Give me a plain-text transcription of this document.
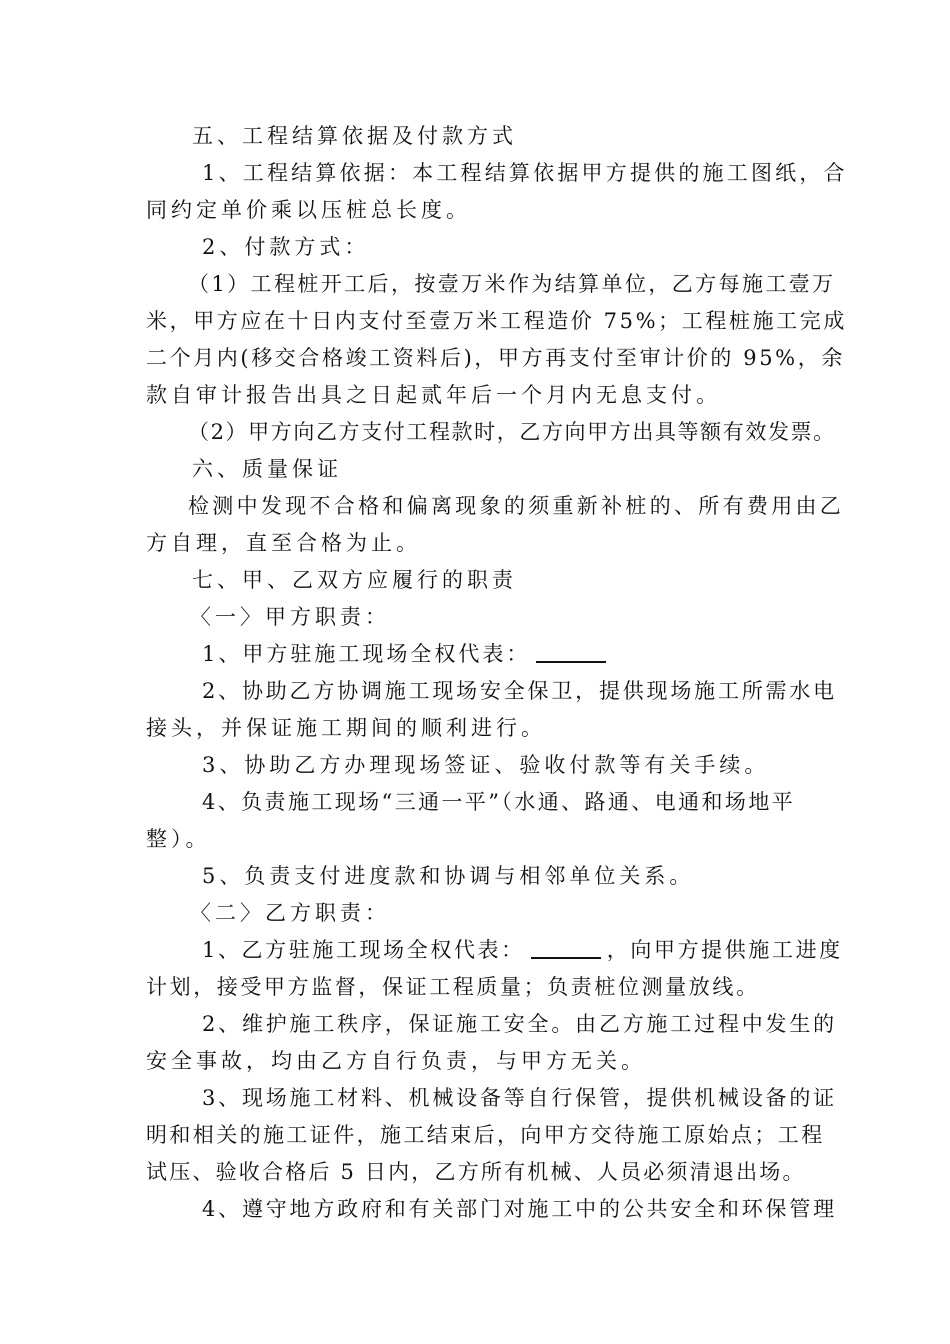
五、工程结算依据及付款方式
1、工程结算依据：本工程结算依据甲方提供的施工图纸，合
同约定单价乘以压桩总长度。
2、付款方式：
（1）工程桩开工后，按壹万米作为结算单位，乙方每施工壹万
米，甲方应在十日内支付至壹万米工程造价 75%；工程桩施工完成
二个月内(移交合格竣工资料后)，甲方再支付至审计价的 95%，余
款自审计报告出具之日起贰年后一个月内无息支付。
（2）甲方向乙方支付工程款时，乙方向甲方出具等额有效发票。
六、质量保证
检测中发现不合格和偏离现象的须重新补桩的、所有费用由乙
方自理，直至合格为止。
七、甲、乙双方应履行的职责
〈一〉甲方职责：
1、甲方驻施工现场全权代表：
2、协助乙方协调施工现场安全保卫，提供现场施工所需水电
接头，并保证施工期间的顺利进行。
3、协助乙方办理现场签证、验收付款等有关手续。
4、负责施工现场“三通一平”（水通、路通、电通和场地平
整）。
5、负责支付进度款和协调与相邻单位关系。
〈二〉乙方职责：
1、乙方驻施工现场全权代表：	，向甲方提供施工进度
计划，接受甲方监督，保证工程质量；负责桩位测量放线。
2、维护施工秩序，保证施工安全。由乙方施工过程中发生的
安全事故，均由乙方自行负责，与甲方无关。
3、现场施工材料、机械设备等自行保管，提供机械设备的证
明和相关的施工证件，施工结束后，向甲方交待施工原始点；工程
试压、验收合格后 5 日内，乙方所有机械、人员必须清退出场。
4、遵守地方政府和有关部门对施工中的公共安全和环保管理
